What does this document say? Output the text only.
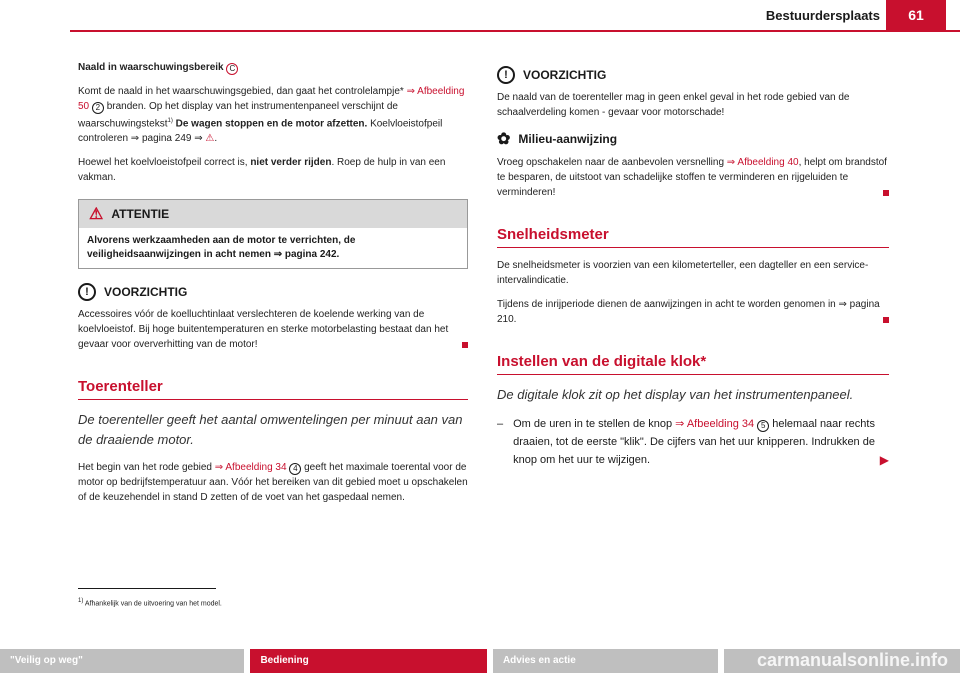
Bestuurdersplaats	61

Naald in waarschuwingsbereik C

Komt de naald in het waarschuwingsgebied, dan gaat het controlelampje* ⇒ Afbeelding 50 2 branden. Op het display van het instrumentenpaneel verschijnt de waarschuwingstekst$^{1)}$ De wagen stoppen en de motor afzetten. Koelvloeistofpeil controleren ⇒ pagina 249 ⇒ ⚠.

Hoewel het koelvloeistofpeil correct is, niet verder rijden. Roep de hulp in van een vakman.

⚠ ATTENTIE
Alvorens werkzaamheden aan de motor te verrichten, de veiligheidsaanwijzingen in acht nemen ⇒ pagina 242.
!	VOORZICHTIG

Accessoires vóór de koelluchtinlaat verslechteren de koelende werking van de koelvloeistof. Bij hoge buitentemperaturen en sterke motorbelasting bestaat dan het gevaar voor oververhitting van de motor!

Toerenteller

De toerenteller geeft het aantal omwentelingen per minuut aan van de draaiende motor.

Het begin van het rode gebied ⇒ Afbeelding 34 4 geeft het maximale toerental voor de motor op bedrijfstemperatuur aan. Vóór het bereiken van dit gebied moet u opschakelen of de keuzehendel in stand D zetten of de voet van het gaspedaal nemen.

!	VOORZICHTIG

De naald van de toerenteller mag in geen enkel geval in het rode gebied van de schaalverdeling komen - gevaar voor motorschade!

✿ Milieu-aanwijzing

Vroeg opschakelen naar de aanbevolen versnelling ⇒ Afbeelding 40, helpt om brandstof te besparen, de uitstoot van schadelijke stoffen te verminderen en rijgeluiden te verminderen!

Snelheidsmeter

De snelheidsmeter is voorzien van een kilometerteller, een dagteller en een service-intervalindicatie.

Tijdens de inrijperiode dienen de aanwijzingen in acht te worden genomen in ⇒ pagina 210.

Instellen van de digitale klok*

De digitale klok zit op het display van het instrumentenpaneel.

– Om de uren in te stellen de knop ⇒ Afbeelding 34 5 helemaal naar rechts draaien, tot de eerste "klik". De cijfers van het uur knipperen. Indrukken de knop om het uur te wijzigen.	▶
$^{1)}$ Afhankelijk van de uitvoering van het model.
"Veilig op weg"	Bediening	Advies en actie	carmanualsonline.info
